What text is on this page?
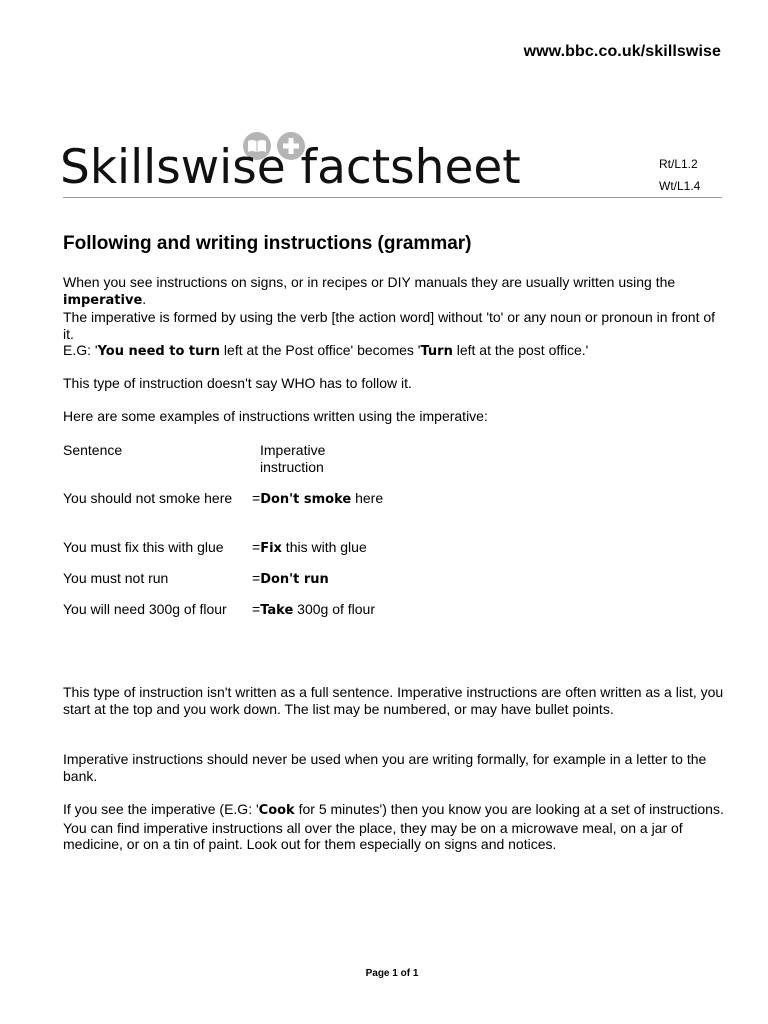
www.bbc.co.uk/skillswise
Skillswise factsheet	Rt/L1.2
Wt/L1.4
Following and writing instructions (grammar)
When you see instructions on signs, or in recipes or DIY manuals they are usually written using the imperative.
The imperative is formed by using the verb [the action word] without 'to' or any noun or pronoun in front of it.
E.G: 'You need to turn left at the Post office' becomes 'Turn left at the post office.'
This type of instruction doesn't say WHO has to follow it.
Here are some examples of instructions written using the imperative:
Sentence	Imperative instruction
You should not smoke here	=Don't smoke here
You must fix this with glue	=Fix this with glue
You must not run	=Don't run
You will need 300g of flour	=Take 300g of flour
This type of instruction isn't written as a full sentence. Imperative instructions are often written as a list, you start at the top and you work down. The list may be numbered, or may have bullet points.
Imperative instructions should never be used when you are writing formally, for example in a letter to the bank.
If you see the imperative (E.G: 'Cook for 5 minutes') then you know you are looking at a set of instructions. You can find imperative instructions all over the place, they may be on a microwave meal, on a jar of medicine, or on a tin of paint. Look out for them especially on signs and notices.
Page 1 of 1
